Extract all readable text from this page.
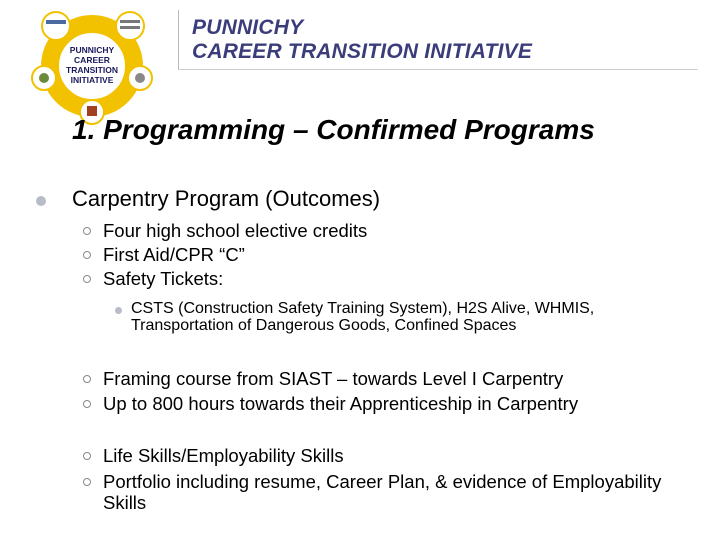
PUNNICHY
CAREER
TRANSITION
INITIATIVE
PUNNICHY
CAREER TRANSITION INITIATIVE
1. Programming – Confirmed Programs
Carpentry Program (Outcomes)
Four high school elective credits
First Aid/CPR “C”
Safety Tickets:
CSTS (Construction Safety Training System), H2S Alive, WHMIS, Transportation of Dangerous Goods, Confined Spaces
Framing course from SIAST – towards Level I Carpentry
Up to 800 hours towards their Apprenticeship in Carpentry
Life Skills/Employability Skills
Portfolio including resume, Career Plan, & evidence of Employability Skills
